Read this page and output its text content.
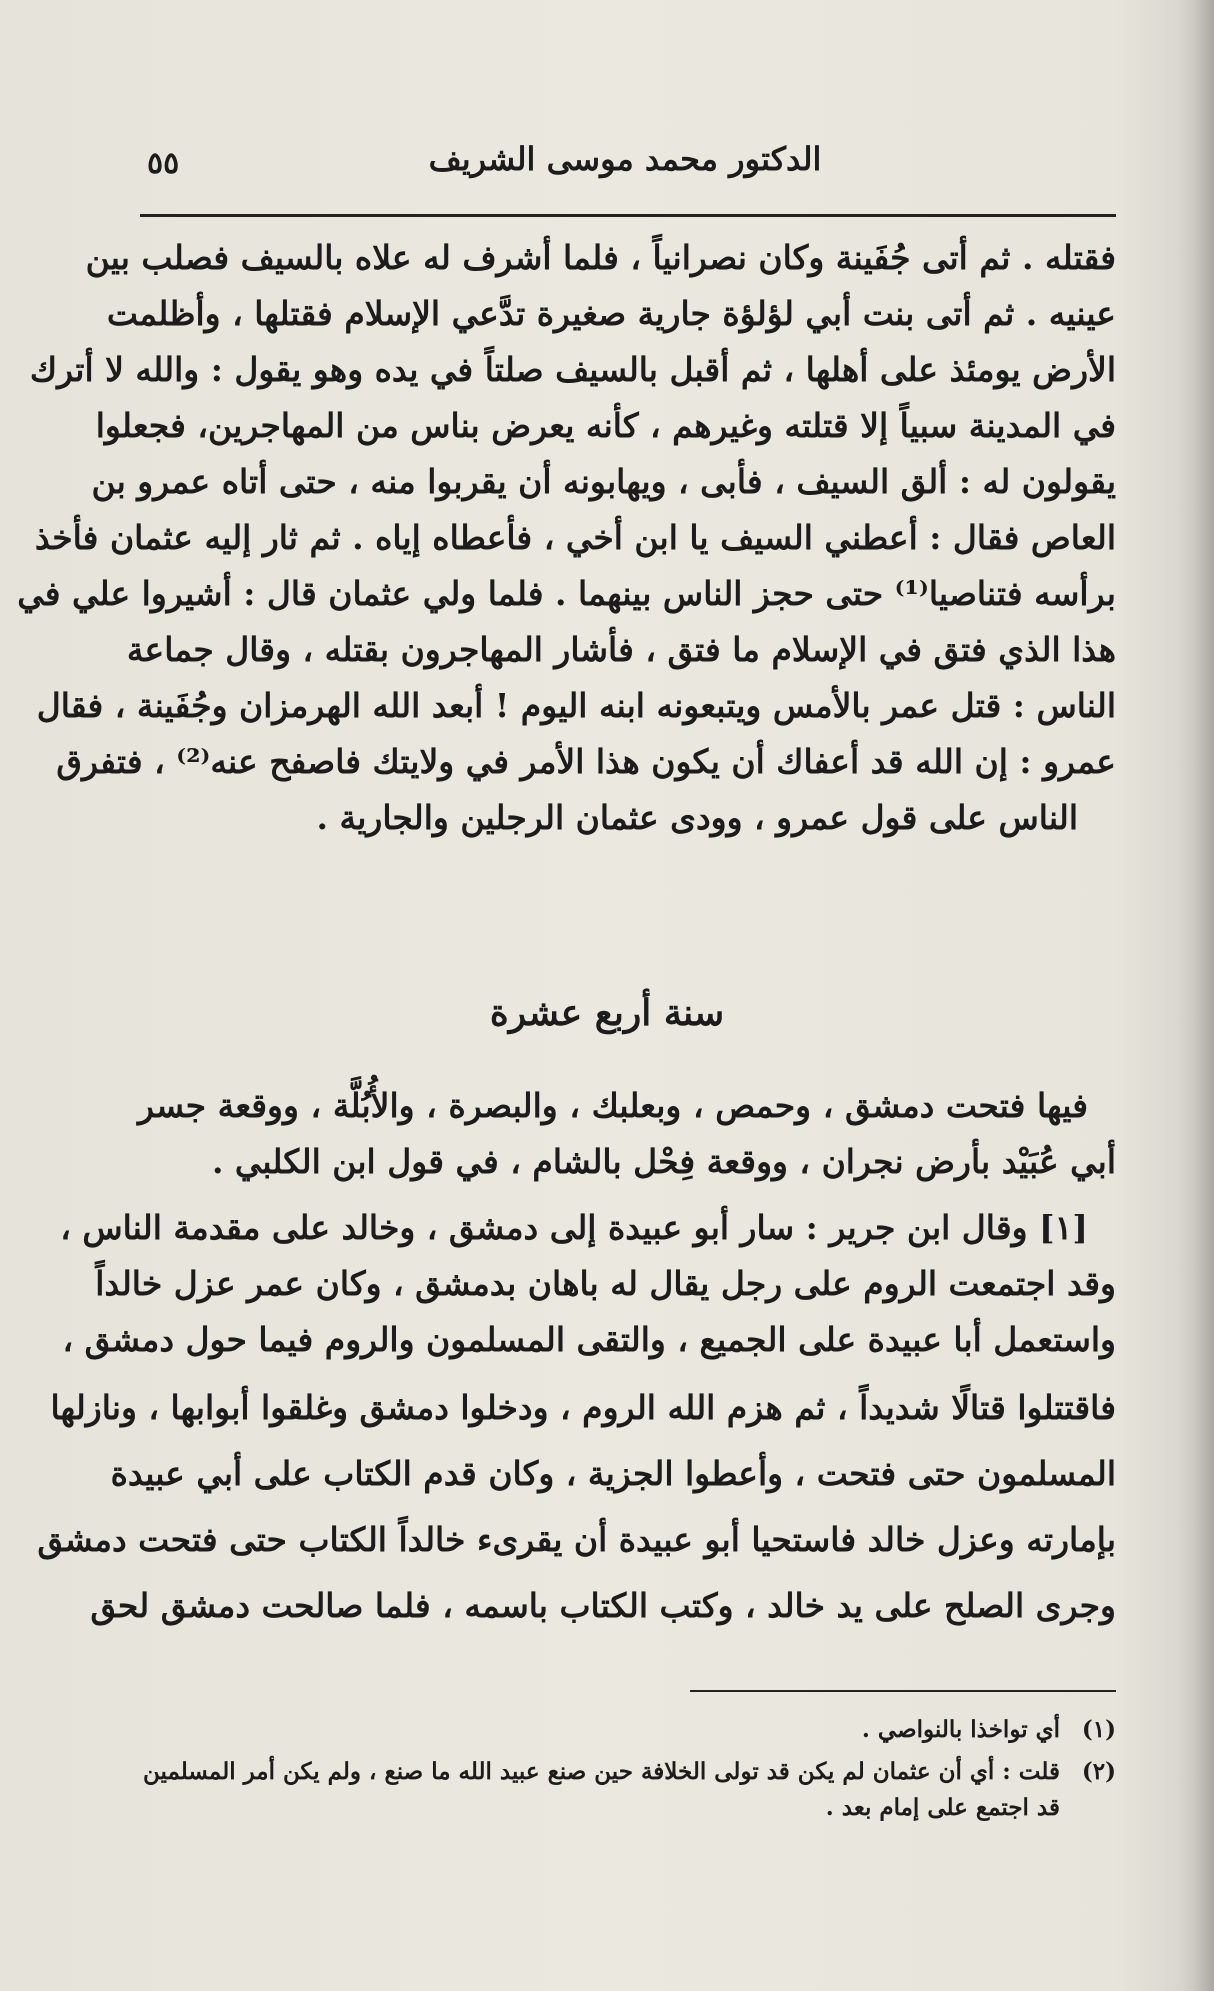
٥٥	الدكتور محمد موسى الشريف
فقتله . ثم أتى جُفَينة وكان نصرانياً ، فلما أشرف له علاه بالسيف فصلب بين
عينيه . ثم أتى بنت أبي لؤلؤة جارية صغيرة تدَّعي الإسلام فقتلها ، وأظلمت
الأرض يومئذ على أهلها ، ثم أقبل بالسيف صلتاً في يده وهو يقول : والله لا أترك
في المدينة سبياً إلا قتلته وغيرهم ، كأنه يعرض بناس من المهاجرين، فجعلوا
يقولون له : ألق السيف ، فأبى ، ويهابونه أن يقربوا منه ، حتى أتاه عمرو بن
العاص فقال : أعطني السيف يا ابن أخي ، فأعطاه إياه . ثم ثار إليه عثمان فأخذ
برأسه فتناصيا⁽¹⁾ حتى حجز الناس بينهما . فلما ولي عثمان قال : أشيروا علي في
هذا الذي فتق في الإسلام ما فتق ، فأشار المهاجرون بقتله ، وقال جماعة
الناس : قتل عمر بالأمس ويتبعونه ابنه اليوم ! أبعد الله الهرمزان وجُفَينة ، فقال
عمرو : إن الله قد أعفاك أن يكون هذا الأمر في ولايتك فاصفح عنه⁽²⁾ ، فتفرق
الناس على قول عمرو ، وودى عثمان الرجلين والجارية .
سنة أربع عشرة
فيها فتحت دمشق ، وحمص ، وبعلبك ، والبصرة ، والأُبُلَّة ، ووقعة جسر
أبي عُبَيْد بأرض نجران ، ووقعة فِحْل بالشام ، في قول ابن الكلبي .
[١] وقال ابن جرير : سار أبو عبيدة إلى دمشق ، وخالد على مقدمة الناس ،
وقد اجتمعت الروم على رجل يقال له باهان بدمشق ، وكان عمر عزل خالداً
واستعمل أبا عبيدة على الجميع ، والتقى المسلمون والروم فيما حول دمشق ،
فاقتتلوا قتالًا شديداً ، ثم هزم الله الروم ، ودخلوا دمشق وغلقوا أبوابها ، ونازلها
المسلمون حتى فتحت ، وأعطوا الجزية ، وكان قدم الكتاب على أبي عبيدة
بإمارته وعزل خالد فاستحيا أبو عبيدة أن يقرىء خالداً الكتاب حتى فتحت دمشق
وجرى الصلح على يد خالد ، وكتب الكتاب باسمه ، فلما صالحت دمشق لحق
(١)أي تواخذا بالنواصي .
(٢)قلت : أي أن عثمان لم يكن قد تولى الخلافة حين صنع عبيد الله ما صنع ، ولم يكن أمر المسلمين
قد اجتمع على إمام بعد .
